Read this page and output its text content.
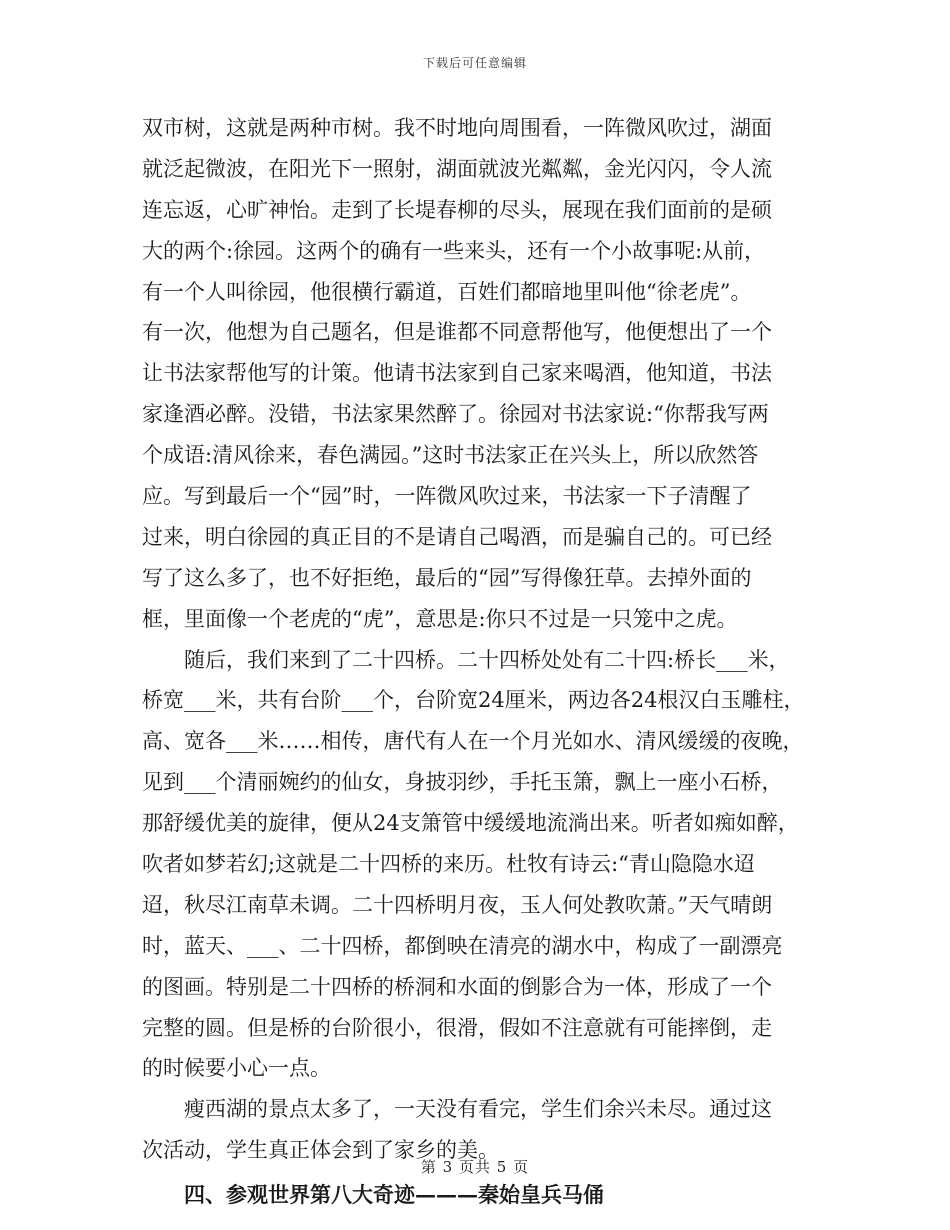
下载后可任意编辑
双市树，这就是两种市树。我不时地向周围看，一阵微风吹过，湖面
就泛起微波，在阳光下一照射，湖面就波光粼粼，金光闪闪，令人流
连忘返，心旷神怡。走到了长堤春柳的尽头，展现在我们面前的是硕
大的两个:徐园。这两个的确有一些来头，还有一个小故事呢:从前，
有一个人叫徐园，他很横行霸道，百姓们都暗地里叫他“徐老虎”。
有一次，他想为自己题名，但是谁都不同意帮他写，他便想出了一个
让书法家帮他写的计策。他请书法家到自己家来喝酒，他知道，书法
家逢酒必醉。没错，书法家果然醉了。徐园对书法家说:“你帮我写两
个成语:清风徐来，春色满园。”这时书法家正在兴头上，所以欣然答
应。写到最后一个“园”时，一阵微风吹过来，书法家一下子清醒了
过来，明白徐园的真正目的不是请自己喝酒，而是骗自己的。可已经
写了这么多了，也不好拒绝，最后的“园”写得像狂草。去掉外面的
框，里面像一个老虎的“虎”，意思是:你只不过是一只笼中之虎。
随后，我们来到了二十四桥。二十四桥处处有二十四:桥长___米，
桥宽___米，共有台阶___个，台阶宽24厘米，两边各24根汉白玉雕柱，
高、宽各___米……相传，唐代有人在一个月光如水、清风缓缓的夜晚，
见到___个清丽婉约的仙女，身披羽纱，手托玉箫，飘上一座小石桥，
那舒缓优美的旋律，便从24支箫管中缓缓地流淌出来。听者如痴如醉，
吹者如梦若幻;这就是二十四桥的来历。杜牧有诗云:“青山隐隐水迢
迢，秋尽江南草未调。二十四桥明月夜，玉人何处教吹萧。”天气晴朗
时，蓝天、___、二十四桥，都倒映在清亮的湖水中，构成了一副漂亮
的图画。特别是二十四桥的桥洞和水面的倒影合为一体，形成了一个
完整的圆。但是桥的台阶很小，很滑，假如不注意就有可能摔倒，走
的时候要小心一点。
瘦西湖的景点太多了，一天没有看完，学生们余兴未尽。通过这
次活动，学生真正体会到了家乡的美。
四、参观世界第八大奇迹———秦始皇兵马俑
第 3 页共 5 页
